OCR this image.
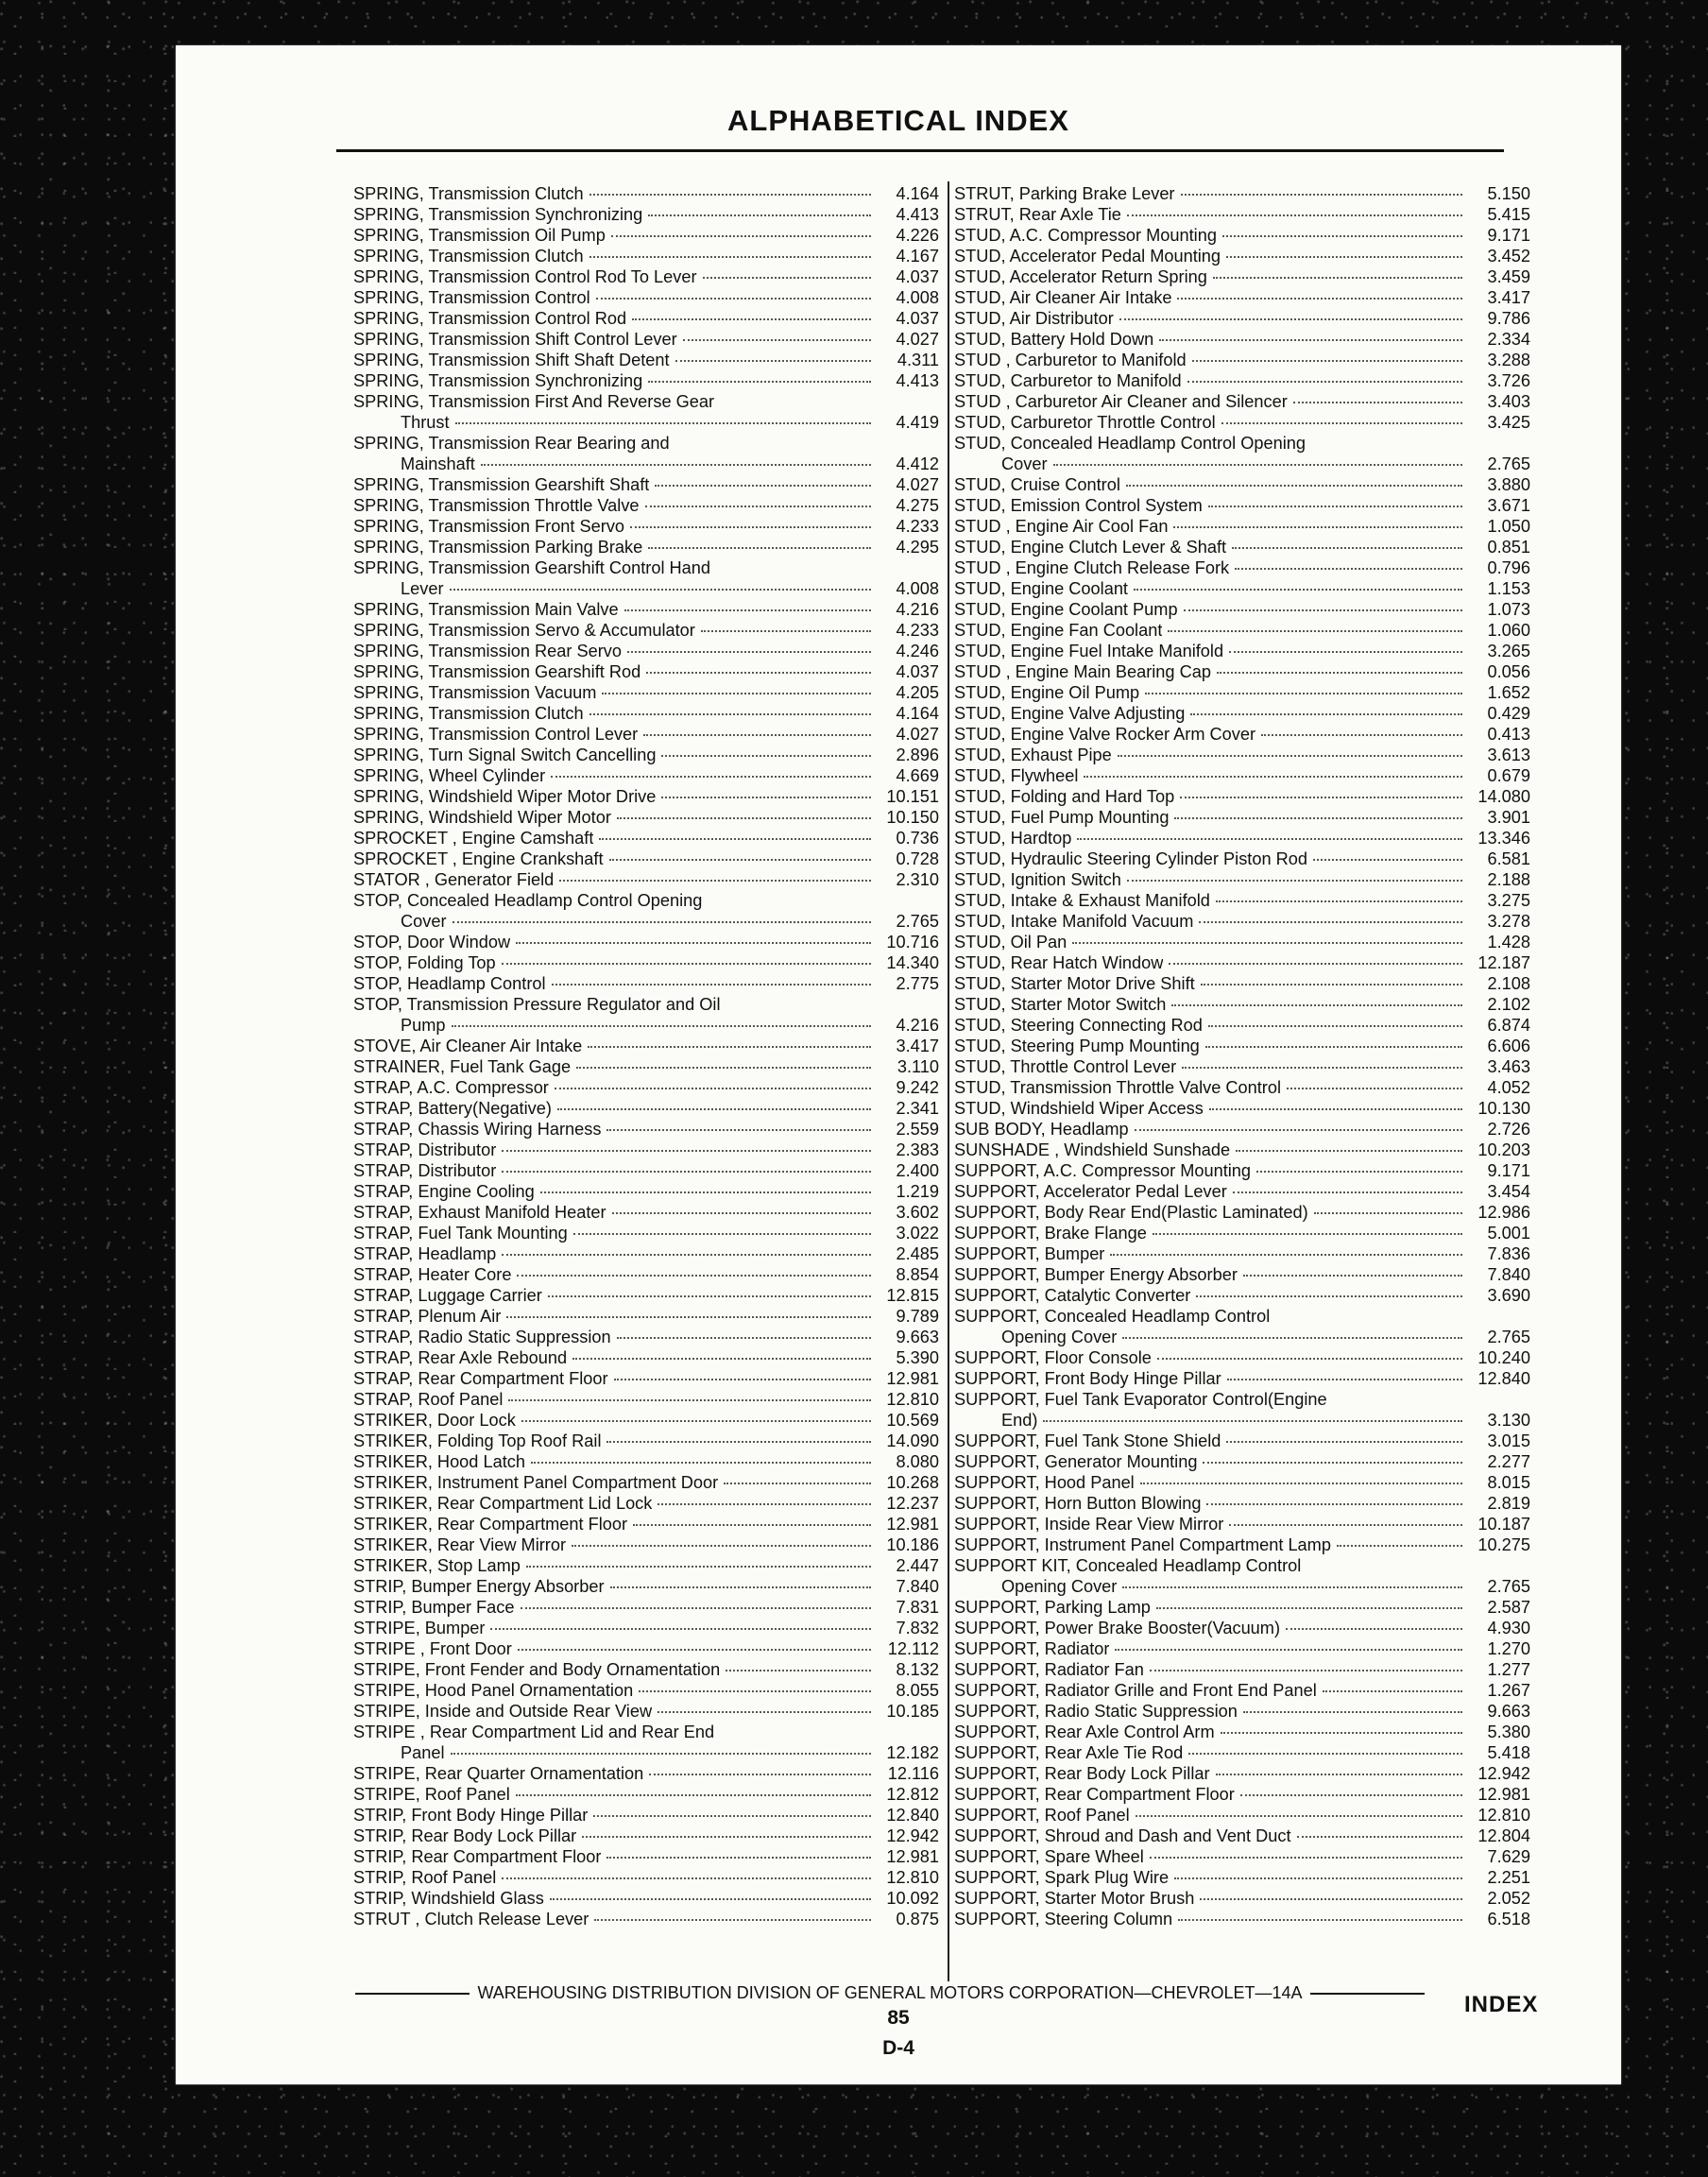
ALPHABETICAL INDEX
SPRING, Transmission Clutch	4.164
SPRING, Transmission Synchronizing	4.413
SPRING, Transmission Oil Pump	4.226
SPRING, Transmission Clutch	4.167
SPRING, Transmission Control Rod To Lever	4.037
SPRING, Transmission Control	4.008
SPRING, Transmission Control Rod	4.037
SPRING, Transmission Shift Control Lever	4.027
SPRING, Transmission Shift Shaft Detent	4.311
SPRING, Transmission Synchronizing	4.413
SPRING, Transmission First And Reverse Gear
Thrust	4.419
SPRING, Transmission Rear Bearing and
Mainshaft	4.412
SPRING, Transmission Gearshift Shaft	4.027
SPRING, Transmission Throttle Valve	4.275
SPRING, Transmission Front Servo	4.233
SPRING, Transmission Parking Brake	4.295
SPRING, Transmission Gearshift Control Hand
Lever	4.008
SPRING, Transmission Main Valve	4.216
SPRING, Transmission Servo & Accumulator	4.233
SPRING, Transmission Rear Servo	4.246
SPRING, Transmission Gearshift Rod	4.037
SPRING, Transmission Vacuum	4.205
SPRING, Transmission Clutch	4.164
SPRING, Transmission Control Lever	4.027
SPRING, Turn Signal Switch Cancelling	2.896
SPRING, Wheel Cylinder	4.669
SPRING, Windshield Wiper Motor Drive	10.151
SPRING, Windshield Wiper Motor	10.150
SPROCKET , Engine Camshaft	0.736
SPROCKET , Engine Crankshaft	0.728
STATOR , Generator Field	2.310
STOP, Concealed Headlamp Control Opening
Cover	2.765
STOP, Door Window	10.716
STOP, Folding Top	14.340
STOP, Headlamp Control	2.775
STOP, Transmission Pressure Regulator and Oil
Pump	4.216
STOVE, Air Cleaner Air Intake	3.417
STRAINER, Fuel Tank Gage	3.110
STRAP, A.C. Compressor	9.242
STRAP, Battery(Negative)	2.341
STRAP, Chassis Wiring Harness	2.559
STRAP, Distributor	2.383
STRAP, Distributor	2.400
STRAP, Engine Cooling	1.219
STRAP, Exhaust Manifold Heater	3.602
STRAP, Fuel Tank Mounting	3.022
STRAP, Headlamp	2.485
STRAP, Heater Core	8.854
STRAP, Luggage Carrier	12.815
STRAP, Plenum Air	9.789
STRAP, Radio Static Suppression	9.663
STRAP, Rear Axle Rebound	5.390
STRAP, Rear Compartment Floor	12.981
STRAP, Roof Panel	12.810
STRIKER, Door Lock	10.569
STRIKER, Folding Top Roof Rail	14.090
STRIKER, Hood Latch	8.080
STRIKER, Instrument Panel Compartment Door	10.268
STRIKER, Rear Compartment Lid Lock	12.237
STRIKER, Rear Compartment Floor	12.981
STRIKER, Rear View Mirror	10.186
STRIKER, Stop Lamp	2.447
STRIP, Bumper Energy Absorber	7.840
STRIP, Bumper Face	7.831
STRIPE, Bumper	7.832
STRIPE , Front Door	12.112
STRIPE, Front Fender and Body Ornamentation	8.132
STRIPE, Hood Panel Ornamentation	8.055
STRIPE, Inside and Outside Rear View	10.185
STRIPE , Rear Compartment Lid and Rear End
Panel	12.182
STRIPE, Rear Quarter Ornamentation	12.116
STRIPE, Roof Panel	12.812
STRIP, Front Body Hinge Pillar	12.840
STRIP, Rear Body Lock Pillar	12.942
STRIP, Rear Compartment Floor	12.981
STRIP, Roof Panel	12.810
STRIP, Windshield Glass	10.092
STRUT , Clutch Release Lever	0.875
STRUT, Parking Brake Lever	5.150
STRUT, Rear Axle Tie	5.415
STUD, A.C. Compressor Mounting	9.171
STUD, Accelerator Pedal Mounting	3.452
STUD, Accelerator Return Spring	3.459
STUD, Air Cleaner Air Intake	3.417
STUD, Air Distributor	9.786
STUD, Battery Hold Down	2.334
STUD , Carburetor to Manifold	3.288
STUD, Carburetor to Manifold	3.726
STUD , Carburetor Air Cleaner and Silencer	3.403
STUD, Carburetor Throttle Control	3.425
STUD, Concealed Headlamp Control Opening
Cover	2.765
STUD, Cruise Control	3.880
STUD, Emission Control System	3.671
STUD , Engine Air Cool Fan	1.050
STUD, Engine Clutch Lever & Shaft	0.851
STUD , Engine Clutch Release Fork	0.796
STUD, Engine Coolant	1.153
STUD, Engine Coolant Pump	1.073
STUD, Engine Fan Coolant	1.060
STUD, Engine Fuel Intake Manifold	3.265
STUD , Engine Main Bearing Cap	0.056
STUD, Engine Oil Pump	1.652
STUD, Engine Valve Adjusting	0.429
STUD, Engine Valve Rocker Arm Cover	0.413
STUD, Exhaust Pipe	3.613
STUD, Flywheel	0.679
STUD, Folding and Hard Top	14.080
STUD, Fuel Pump Mounting	3.901
STUD, Hardtop	13.346
STUD, Hydraulic Steering Cylinder Piston Rod	6.581
STUD, Ignition Switch	2.188
STUD, Intake & Exhaust Manifold	3.275
STUD, Intake Manifold Vacuum	3.278
STUD, Oil Pan	1.428
STUD, Rear Hatch Window	12.187
STUD, Starter Motor Drive Shift	2.108
STUD, Starter Motor Switch	2.102
STUD, Steering Connecting Rod	6.874
STUD, Steering Pump Mounting	6.606
STUD, Throttle Control Lever	3.463
STUD, Transmission Throttle Valve Control	4.052
STUD, Windshield Wiper Access	10.130
SUB BODY, Headlamp	2.726
SUNSHADE , Windshield Sunshade	10.203
SUPPORT, A.C. Compressor Mounting	9.171
SUPPORT, Accelerator Pedal Lever	3.454
SUPPORT, Body Rear End(Plastic Laminated)	12.986
SUPPORT, Brake Flange	5.001
SUPPORT, Bumper	7.836
SUPPORT, Bumper Energy Absorber	7.840
SUPPORT, Catalytic Converter	3.690
SUPPORT, Concealed Headlamp Control
Opening Cover	2.765
SUPPORT, Floor Console	10.240
SUPPORT, Front Body Hinge Pillar	12.840
SUPPORT, Fuel Tank Evaporator Control(Engine
End)	3.130
SUPPORT, Fuel Tank Stone Shield	3.015
SUPPORT, Generator Mounting	2.277
SUPPORT, Hood Panel	8.015
SUPPORT, Horn Button Blowing	2.819
SUPPORT, Inside Rear View Mirror	10.187
SUPPORT, Instrument Panel Compartment Lamp	10.275
SUPPORT KIT, Concealed Headlamp Control
Opening Cover	2.765
SUPPORT, Parking Lamp	2.587
SUPPORT, Power Brake Booster(Vacuum)	4.930
SUPPORT, Radiator	1.270
SUPPORT, Radiator Fan	1.277
SUPPORT, Radiator Grille and Front End Panel	1.267
SUPPORT, Radio Static Suppression	9.663
SUPPORT, Rear Axle Control Arm	5.380
SUPPORT, Rear Axle Tie Rod	5.418
SUPPORT, Rear Body Lock Pillar	12.942
SUPPORT, Rear Compartment Floor	12.981
SUPPORT, Roof Panel	12.810
SUPPORT, Shroud and Dash and Vent Duct	12.804
SUPPORT, Spare Wheel	7.629
SUPPORT, Spark Plug Wire	2.251
SUPPORT, Starter Motor Brush	2.052
SUPPORT, Steering Column	6.518
WAREHOUSING DISTRIBUTION DIVISION OF GENERAL MOTORS CORPORATION—CHEVROLET—14A	INDEX
85
D-4
